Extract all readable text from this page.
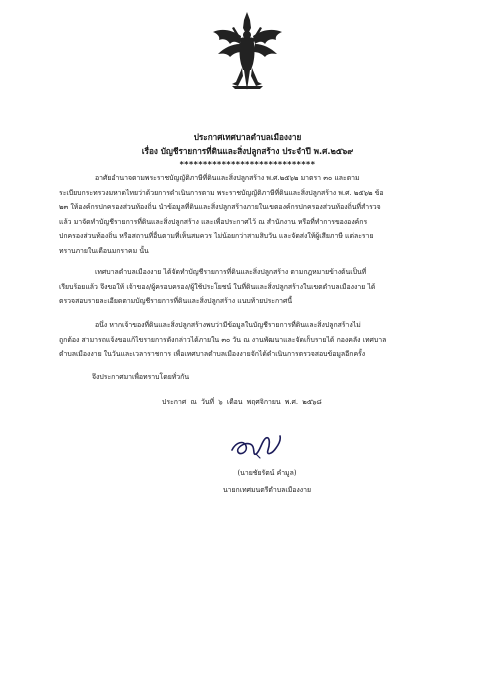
ประกาศเทศบาลตำบลเมืองงาย
เรื่อง บัญชีรายการที่ดินและสิ่งปลูกสร้าง ประจำปี พ.ศ.๒๕๖๙
*****************************

อาศัยอำนาจตามพระราชบัญญัติภาษีที่ดินและสิ่งปลูกสร้าง พ.ศ.๒๕๖๒ มาตรา ๓๐ และตาม
ระเบียบกระทรวงมหาดไทยว่าด้วยการดำเนินการตาม พระราชบัญญัติภาษีที่ดินและสิ่งปลูกสร้าง พ.ศ. ๒๕๖๒ ข้อ
๒๓ ให้องค์กรปกครองส่วนท้องถิ่น นำข้อมูลที่ดินและสิ่งปลูกสร้างภายในเขตองค์กรปกครองส่วนท้องถิ่นที่สำรวจ
แล้ว มาจัดทำบัญชีรายการที่ดินและสิ่งปลูกสร้าง และเพื่อประกาศไว้ ณ สำนักงาน หรือที่ทำการขององค์กร
ปกครองส่วนท้องถิ่น หรือสถานที่อื่นตามที่เห็นสมควร ไม่น้อยกว่าสามสิบวัน และจัดส่งให้ผู้เสียภาษี แต่ละราย
ทราบภายในเดือนมกราคม นั้น

เทศบาลตำบลเมืองงาย ได้จัดทำบัญชีรายการที่ดินและสิ่งปลูกสร้าง ตามกฎหมายข้างต้นเป็นที่
เรียบร้อยแล้ว จึงขอให้ เจ้าของ/ผู้ครอบครอง/ผู้ใช้ประโยชน์ ในที่ดินและสิ่งปลูกสร้างในเขตตำบลเมืองงาย ได้
ตรวจสอบรายละเอียดตามบัญชีรายการที่ดินและสิ่งปลูกสร้าง แนบท้ายประกาศนี้

อนึ่ง หากเจ้าของที่ดินและสิ่งปลูกสร้างพบว่ามีข้อมูลในบัญชีรายการที่ดินและสิ่งปลูกสร้างไม่
ถูกต้อง สามารถแจ้งขอแก้ไขรายการดังกล่าวได้ภายใน ๓๐ วัน ณ งานพัฒนาและจัดเก็บรายได้ กองคลัง เทศบาล
ตำบลเมืองงาย ในวันและเวลาราชการ เพื่อเทศบาลตำบลเมืองงายจักได้ดำเนินการตรวจสอบข้อมูลอีกครั้ง

จึงประกาศมาเพื่อทราบโดยทั่วกัน
ประกาศ ณ วันที่ ๖ เดือน พฤศจิกายน พ.ศ. ๒๕๖๘
(นายชัยรัตน์ คำมูล)
นายกเทศมนตรีตำบลเมืองงาย
